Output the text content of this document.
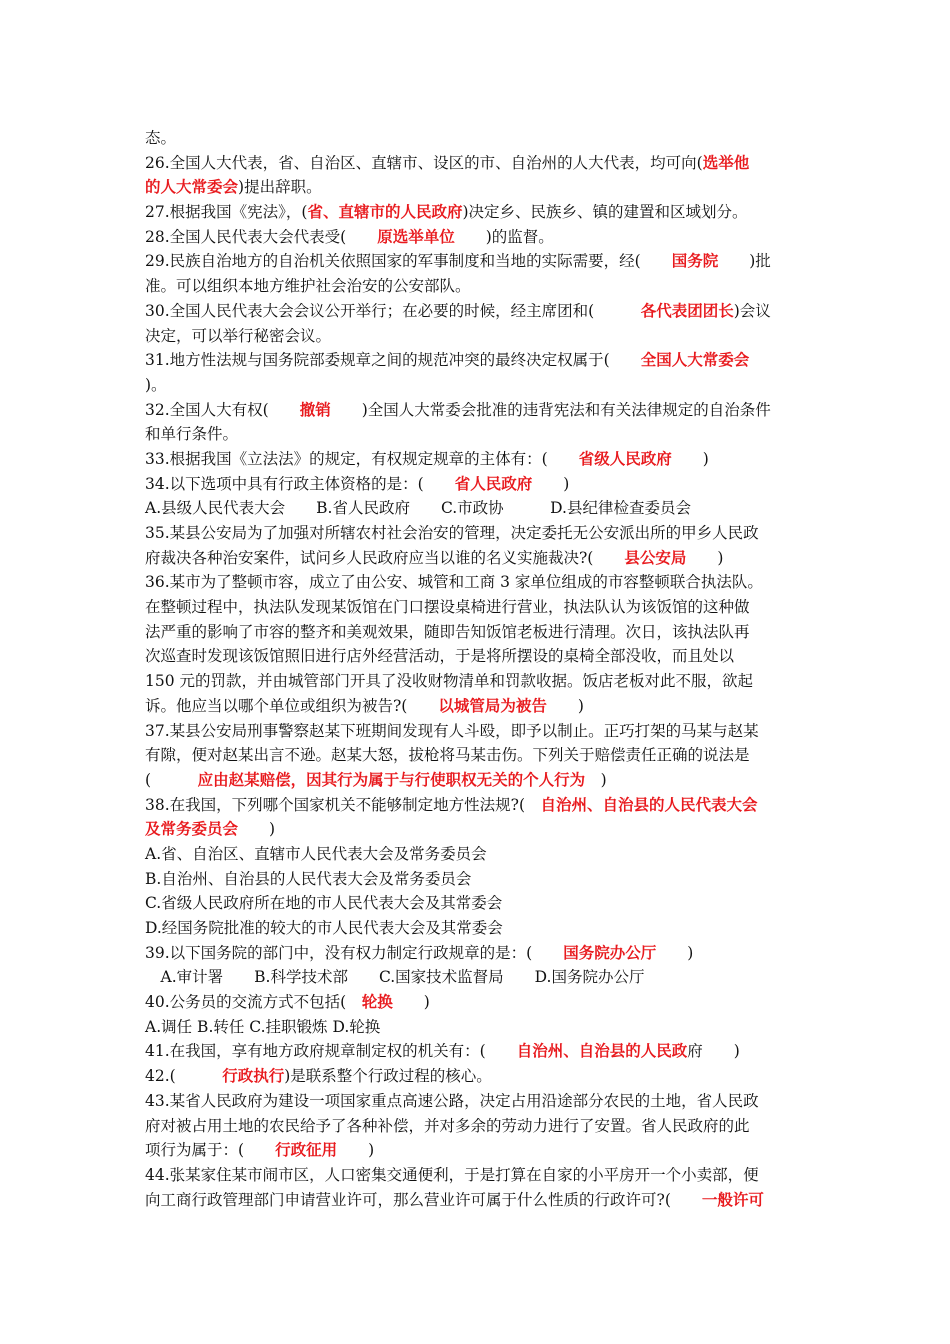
态。
26.全国人大代表，省、自治区、直辖市、设区的市、自治州的人大代表，均可向(选举他
的人大常委会)提出辞职。
27.根据我国《宪法》，(省、直辖市的人民政府)决定乡、民族乡、镇的建置和区域划分。
28.全国人民代表大会代表受(　　原选举单位　　)的监督。
29.民族自治地方的自治机关依照国家的军事制度和当地的实际需要，经(　　国务院　　)批
准。可以组织本地方维护社会治安的公安部队。
30.全国人民代表大会会议公开举行；在必要的时候，经主席团和(　　　各代表团团长)会议
决定，可以举行秘密会议。
31.地方性法规与国务院部委规章之间的规范冲突的最终决定权属于(　　全国人大常委会
)。
32.全国人大有权(　　撤销　　)全国人大常委会批准的违背宪法和有关法律规定的自治条件
和单行条件。
33.根据我国《立法法》的规定，有权规定规章的主体有：(　　省级人民政府　　)
34.以下选项中具有行政主体资格的是：(　　省人民政府　　)
A.县级人民代表大会　　B.省人民政府　　C.市政协　　　D.县纪律检查委员会
35.某县公安局为了加强对所辖农村社会治安的管理，决定委托无公安派出所的甲乡人民政
府裁决各种治安案件，试问乡人民政府应当以谁的名义实施裁决?(　　县公安局　　)
36.某市为了整顿市容，成立了由公安、城管和工商 3 家单位组成的市容整顿联合执法队。
在整顿过程中，执法队发现某饭馆在门口摆设桌椅进行营业，执法队认为该饭馆的这种做
法严重的影响了市容的整齐和美观效果，随即告知饭馆老板进行清理。次日，该执法队再
次巡查时发现该饭馆照旧进行店外经营活动，于是将所摆设的桌椅全部没收，而且处以
150 元的罚款，并由城管部门开具了没收财物清单和罚款收据。饭店老板对此不服，欲起
诉。他应当以哪个单位或组织为被告?(　　以城管局为被告　　)
37.某县公安局刑事警察赵某下班期间发现有人斗殴，即予以制止。正巧打架的马某与赵某
有隙，便对赵某出言不逊。赵某大怒，拔枪将马某击伤。下列关于赔偿责任正确的说法是
(　　　应由赵某赔偿，因其行为属于与行使职权无关的个人行为　)
38.在我国，下列哪个国家机关不能够制定地方性法规?(　自治州、自治县的人民代表大会
及常务委员会　　)
A.省、自治区、直辖市人民代表大会及常务委员会
B.自治州、自治县的人民代表大会及常务委员会
C.省级人民政府所在地的市人民代表大会及其常委会
D.经国务院批准的较大的市人民代表大会及其常委会
39.以下国务院的部门中，没有权力制定行政规章的是：(　　国务院办公厅　　)
　A.审计署　　B.科学技术部　　C.国家技术监督局　　D.国务院办公厅
40.公务员的交流方式不包括(　轮换　　)
A.调任 B.转任 C.挂职锻炼 D.轮换
41.在我国，享有地方政府规章制定权的机关有：(　　自治州、自治县的人民政府　　)
42.(　　　行政执行)是联系整个行政过程的核心。
43.某省人民政府为建设一项国家重点高速公路，决定占用沿途部分农民的土地，省人民政
府对被占用土地的农民给予了各种补偿，并对多余的劳动力进行了安置。省人民政府的此
项行为属于：(　　行政征用　　)
44.张某家住某市闹市区，人口密集交通便利，于是打算在自家的小平房开一个小卖部，便
向工商行政管理部门申请营业许可，那么营业许可属于什么性质的行政许可?(　　一般许可
